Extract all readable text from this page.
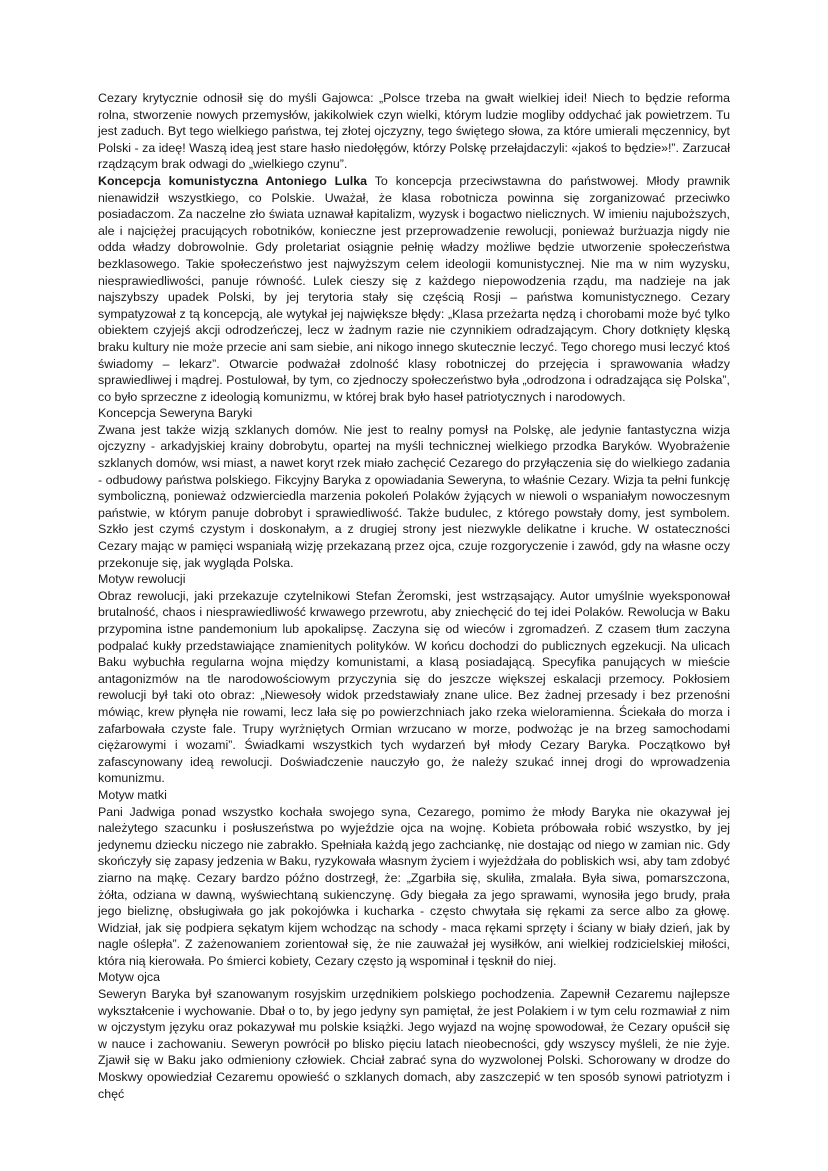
Cezary krytycznie odnosił się do myśli Gajowca: „Polsce trzeba na gwałt wielkiej idei! Niech to będzie reforma rolna, stworzenie nowych przemysłów, jakikolwiek czyn wielki, którym ludzie mogliby oddychać jak powietrzem. Tu jest zaduch. Byt tego wielkiego państwa, tej złotej ojczyzny, tego świętego słowa, za które umierali męczennicy, byt Polski - za ideę! Waszą ideą jest stare hasło niedołęgów, którzy Polskę przełajdaczyli: «jakoś to będzie»!”. Zarzucał rządzącym brak odwagi do „wielkiego czynu”.

Koncepcja komunistyczna Antoniego Lulka To koncepcja przeciwstawna do państwowej. Młody prawnik nienawidził wszystkiego, co Polskie. Uważał, że klasa robotnicza powinna się zorganizować przeciwko posiadaczom. Za naczelne zło świata uznawał kapitalizm, wyzysk i bogactwo nielicznych. W imieniu najuboższych, ale i najciężej pracujących robotników, konieczne jest przeprowadzenie rewolucji, ponieważ burżuazja nigdy nie odda władzy dobrowolnie. Gdy proletariat osiągnie pełnię władzy możliwe będzie utworzenie społeczeństwa bezklasowego. Takie społeczeństwo jest najwyższym celem ideologii komunistycznej. Nie ma w nim wyzysku, niesprawiedliwości, panuje równość. Lulek cieszy się z każdego niepowodzenia rządu, ma nadzieje na jak najszybszy upadek Polski, by jej terytoria stały się częścią Rosji – państwa komunistycznego. Cezary sympatyzował z tą koncepcją, ale wytykał jej największe błędy: „Klasa przeżarta nędzą i chorobami może być tylko obiektem czyjejś akcji odrodzeńczej, lecz w żadnym razie nie czynnikiem odradzającym. Chory dotknięty klęską braku kultury nie może przecie ani sam siebie, ani nikogo innego skutecznie leczyć. Tego chorego musi leczyć ktoś świadomy – lekarz”. Otwarcie podważał zdolność klasy robotniczej do przejęcia i sprawowania władzy sprawiedliwej i mądrej. Postulował, by tym, co zjednoczy społeczeństwo była „odrodzona i odradzająca się Polska”, co było sprzeczne z ideologią komunizmu, w której brak było haseł patriotycznych i narodowych.

Koncepcja Seweryna Baryki

Zwana jest także wizją szklanych domów. Nie jest to realny pomysł na Polskę, ale jedynie fantastyczna wizja ojczyzny - arkadyjskiej krainy dobrobytu, opartej na myśli technicznej wielkiego przodka Baryków. Wyobrażenie szklanych domów, wsi miast, a nawet koryt rzek miało zachęcić Cezarego do przyłączenia się do wielkiego zadania - odbudowy państwa polskiego. Fikcyjny Baryka z opowiadania Seweryna, to właśnie Cezary. Wizja ta pełni funkcję symboliczną, ponieważ odzwierciedla marzenia pokoleń Polaków żyjących w niewoli o wspaniałym nowoczesnym państwie, w którym panuje dobrobyt i sprawiedliwość. Także budulec, z którego powstały domy, jest symbolem. Szkło jest czymś czystym i doskonałym, a z drugiej strony jest niezwykle delikatne i kruche. W ostateczności Cezary mając w pamięci wspaniałą wizję przekazaną przez ojca, czuje rozgoryczenie i zawód, gdy na własne oczy przekonuje się, jak wygląda Polska.

Motyw rewolucji

Obraz rewolucji, jaki przekazuje czytelnikowi Stefan Żeromski, jest wstrząsający. Autor umyślnie wyeksponował brutalność, chaos i niesprawiedliwość krwawego przewrotu, aby zniechęcić do tej idei Polaków. Rewolucja w Baku przypomina istne pandemonium lub apokalipsę. Zaczyna się od wieców i zgromadzeń. Z czasem tłum zaczyna podpalać kukły przedstawiające znamienitych polityków. W końcu dochodzi do publicznych egzekucji. Na ulicach Baku wybuchła regularna wojna między komunistami, a klasą posiadającą. Specyfika panujących w mieście antagonizmów na tle narodowościowym przyczynia się do jeszcze większej eskalacji przemocy. Pokłosiem rewolucji był taki oto obraz: „Niewesoły widok przedstawiały znane ulice. Bez żadnej przesady i bez przenośni mówiąc, krew płynęła nie rowami, lecz lała się po powierzchniach jako rzeka wieloramienna. Ściekała do morza i zafarbowała czyste fale. Trupy wyrżniętych Ormian wrzucano w morze, podwożąc je na brzeg samochodami ciężarowymi i wozami”. Świadkami wszystkich tych wydarzeń był młody Cezary Baryka. Początkowo był zafascynowany ideą rewolucji. Doświadczenie nauczyło go, że należy szukać innej drogi do wprowadzenia komunizmu.

Motyw matki

Pani Jadwiga ponad wszystko kochała swojego syna, Cezarego, pomimo że młody Baryka nie okazywał jej należytego szacunku i posłuszeństwa po wyjeździe ojca na wojnę. Kobieta próbowała robić wszystko, by jej jedynemu dziecku niczego nie zabrakło. Spełniała każdą jego zachciankę, nie dostając od niego w zamian nic. Gdy skończyły się zapasy jedzenia w Baku, ryzykowała własnym życiem i wyjeżdżała do pobliskich wsi, aby tam zdobyć ziarno na mąkę. Cezary bardzo późno dostrzegł, że: „Zgarbiła się, skuliła, zmalała. Była siwa, pomarszczona, żółta, odziana w dawną, wyświechtaną sukienczynę. Gdy biegała za jego sprawami, wynosiła jego brudy, prała jego bieliznę, obsługiwała go jak pokojówka i kucharka - często chwytała się rękami za serce albo za głowę. Widział, jak się podpiera sękatym kijem wchodząc na schody - maca rękami sprzęty i ściany w biały dzień, jak by nagle oślepła”. Z zażenowaniem zorientował się, że nie zauważał jej wysiłków, ani wielkiej rodzicielskiej miłości, która nią kierowała. Po śmierci kobiety, Cezary często ją wspominał i tęsknił do niej.

Motyw ojca

Seweryn Baryka był szanowanym rosyjskim urzędnikiem polskiego pochodzenia. Zapewnił Cezaremu najlepsze wykształcenie i wychowanie. Dbał o to, by jego jedyny syn pamiętał, że jest Polakiem i w tym celu rozmawiał z nim w ojczystym języku oraz pokazywał mu polskie książki. Jego wyjazd na wojnę spowodował, że Cezary opuścił się w nauce i zachowaniu. Seweryn powrócił po blisko pięciu latach nieobecności, gdy wszyscy myśleli, że nie żyje. Zjawił się w Baku jako odmieniony człowiek. Chciał zabrać syna do wyzwolonej Polski. Schorowany w drodze do Moskwy opowiedział Cezaremu opowieść o szklanych domach, aby zaszczepić w ten sposób synowi patriotyzm i chęć
